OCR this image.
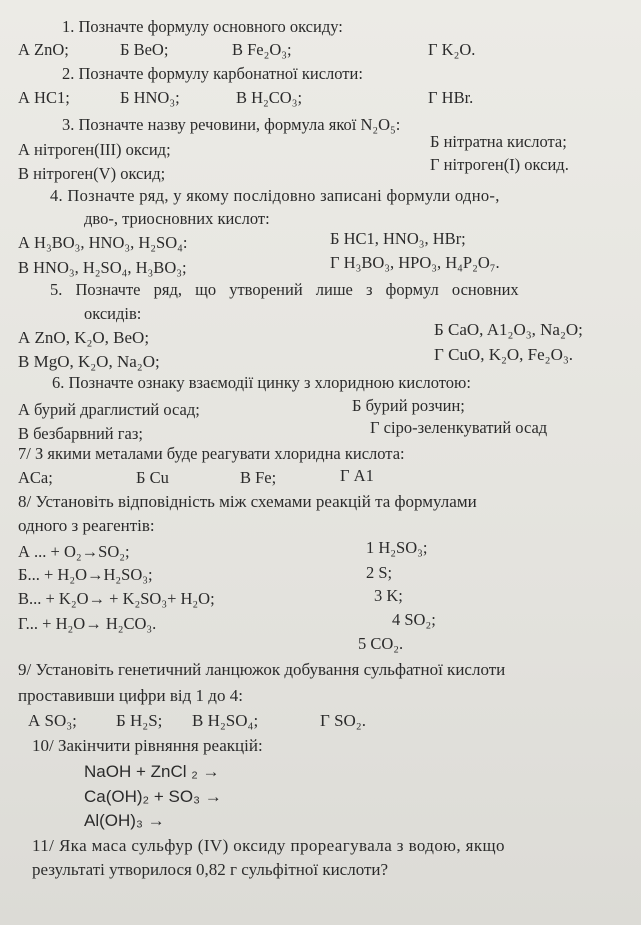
1. Позначте формулу основного оксиду:
А ZnO;	Б BeO;	В Fe₂O₃;	Г K₂O.
2. Позначте формулу карбонатної кислоти:
А HC1;	Б HNO₃;	В H₂CO₃;	Г HBr.
3. Позначте назву речовини, формула якої N₂O₅:
А нітроген(III) оксид;	Б нітратна кислота;
В нітроген(V) оксид;	Г нітроген(I) оксид.
4. Позначте ряд, у якому послідовно записані формули одно-,
дво-, триосновних кислот:
А H₃BO₃, HNO₃, H₂SO₄:	Б HC1, HNO₃, HBr;
В HNO₃, H₂SO₄, H₃BO₃;	Г H₃BO₃, HPO₃, H₄P₂O₇.
5. Позначте ряд, що утворений лише з формул основних
оксидів:
А ZnO, K₂O, BeO;	Б CaO, A1₂O₃, Na₂O;
В MgO, K₂O, Na₂O;	Г CuO, K₂O, Fe₂O₃.
6. Позначте ознаку взаємодії цинку з хлоридною кислотою:
А бурий драглистий осад;	Б бурий розчин;
В безбарвний газ;	Г сіро-зеленкуватий осад
7/ З якими металами буде реагувати хлоридна кислота:
АCa;	Б Cu	В Fe;	Г А1
8/ Установіть відповідність між схемами реакцій та формулами
одного з реагентів:
А ... + O₂→SO₂;
Б... + H₂O→H₂SO₃;
В... + K₂O→ + K₂SO₃+ H₂O;
Г... + H₂O→ H₂CO₃.
1 H₂SO₃;
2 S;
3 K;
4 SO₂;
5 CO₂.
9/ Установіть генетичний ланцюжок добування сульфатної кислоти
проставивши цифри від 1 до 4:
А SO₃; Б H₂S; В H₂SO₄;	Г SO₂.
10/ Закінчити рівняння реакцій:
NaOH + ZnCl ₂ →
Ca(OH)₂ + SO₃ →
Al(OH)₃ →
11/ Яка маса сульфур (IV) оксиду прореагувала з водою, якщо
результаті утворилося 0,82 г сульфітної кислоти?
